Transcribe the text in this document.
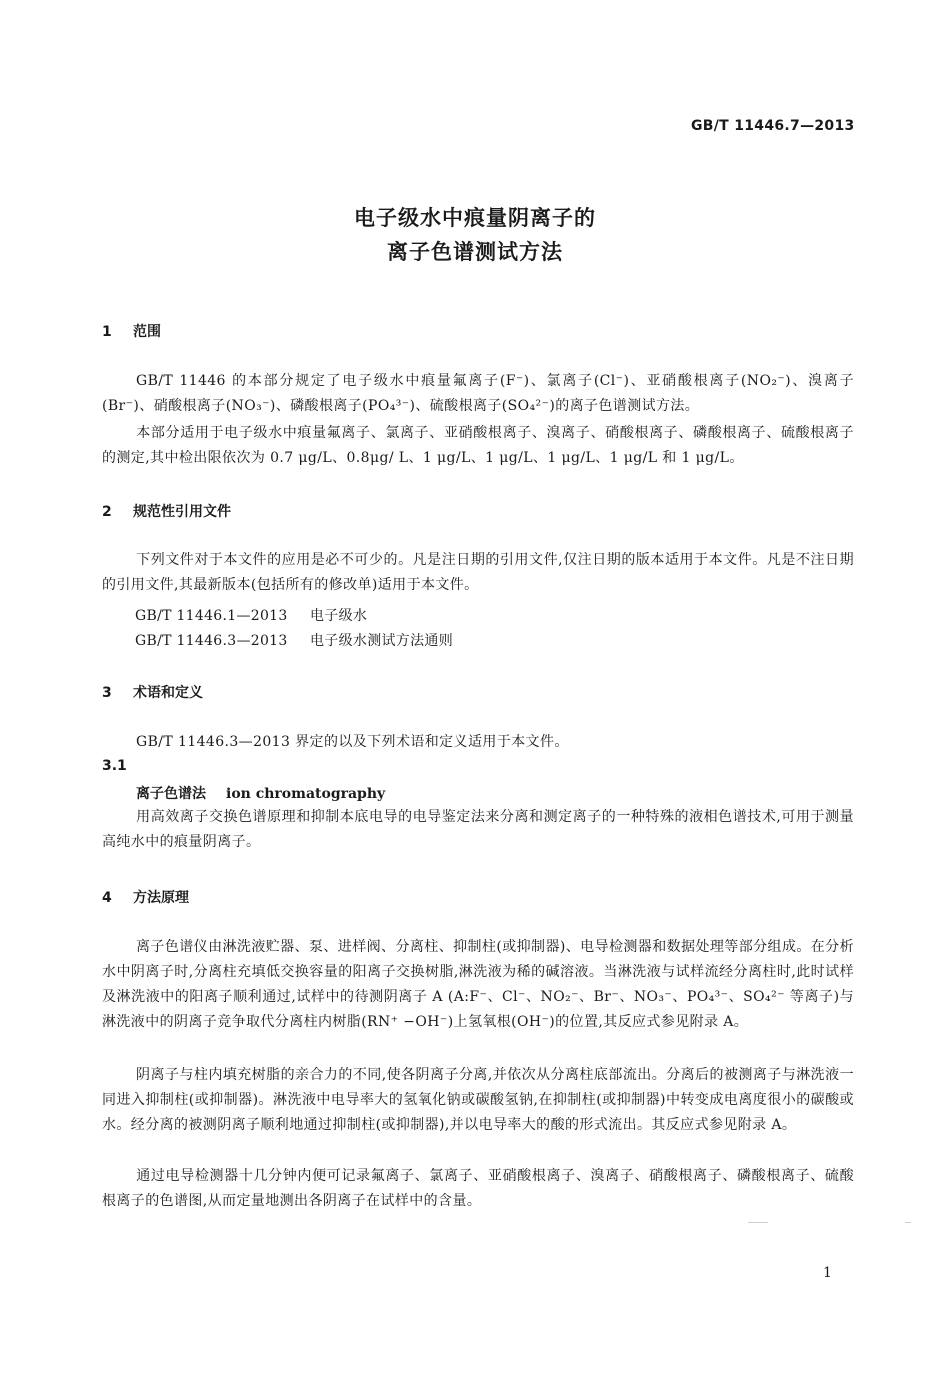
GB/T 11446.7—2013
电子级水中痕量阴离子的
离子色谱测试方法
1 范围
GB/T 11446 的本部分规定了电子级水中痕量氟离子(F⁻)、氯离子(Cl⁻)、亚硝酸根离子(NO₂⁻)、溴离子(Br⁻)、硝酸根离子(NO₃⁻)、磷酸根离子(PO₄³⁻)、硫酸根离子(SO₄²⁻)的离子色谱测试方法。
本部分适用于电子级水中痕量氟离子、氯离子、亚硝酸根离子、溴离子、硝酸根离子、磷酸根离子、硫酸根离子的测定,其中检出限依次为 0.7 μg/L、0.8μg/ L、1 μg/L、1 μg/L、1 μg/L、1 μg/L 和 1 μg/L。
2 规范性引用文件
下列文件对于本文件的应用是必不可少的。凡是注日期的引用文件,仅注日期的版本适用于本文件。凡是不注日期的引用文件,其最新版本(包括所有的修改单)适用于本文件。
GB/T 11446.1—2013 电子级水
GB/T 11446.3—2013 电子级水测试方法通则
3 术语和定义
GB/T 11446.3—2013 界定的以及下列术语和定义适用于本文件。
3.1
离子色谱法 ion chromatography
用高效离子交换色谱原理和抑制本底电导的电导鉴定法来分离和测定离子的一种特殊的液相色谱技术,可用于测量高纯水中的痕量阴离子。
4 方法原理
离子色谱仪由淋洗液贮器、泵、进样阀、分离柱、抑制柱(或抑制器)、电导检测器和数据处理等部分组成。在分析水中阴离子时,分离柱充填低交换容量的阳离子交换树脂,淋洗液为稀的碱溶液。当淋洗液与试样流经分离柱时,此时试样及淋洗液中的阳离子顺利通过,试样中的待测阴离子 A (A:F⁻、Cl⁻、NO₂⁻、Br⁻、NO₃⁻、PO₄³⁻、SO₄²⁻ 等离子)与淋洗液中的阴离子竞争取代分离柱内树脂(RN⁺ −OH⁻)上氢氧根(OH⁻)的位置,其反应式参见附录 A。
阴离子与柱内填充树脂的亲合力的不同,使各阴离子分离,并依次从分离柱底部流出。分离后的被测离子与淋洗液一同进入抑制柱(或抑制器)。淋洗液中电导率大的氢氧化钠或碳酸氢钠,在抑制柱(或抑制器)中转变成电离度很小的碳酸或水。经分离的被测阴离子顺利地通过抑制柱(或抑制器),并以电导率大的酸的形式流出。其反应式参见附录 A。
通过电导检测器十几分钟内便可记录氟离子、氯离子、亚硝酸根离子、溴离子、硝酸根离子、磷酸根离子、硫酸根离子的色谱图,从而定量地测出各阴离子在试样中的含量。
1
